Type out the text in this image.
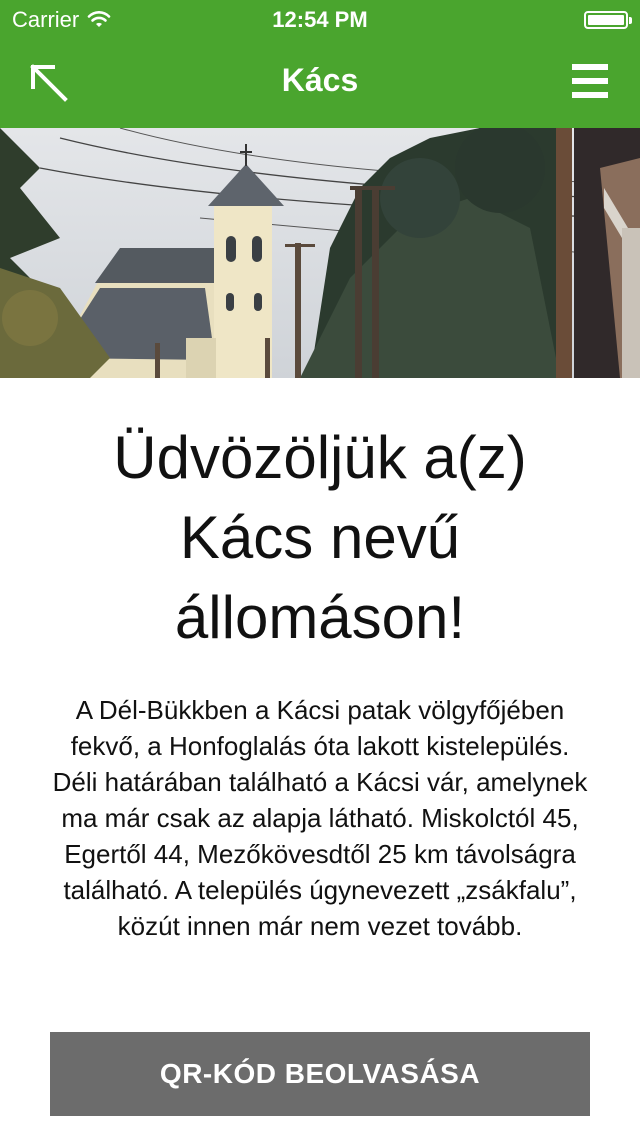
Carrier	12:54 PM
Kács
Üdvözöljük a(z) Kács nevű állomáson!
A Dél-Bükkben a Kácsi patak völgyfőjében fekvő, a Honfoglalás óta lakott kistelepülés. Déli határában található a Kácsi vár, amelynek ma már csak az alapja látható. Miskolctól 45, Egertől 44, Mezőkövesdtől 25 km távolságra található. A település úgynevezett „zsákfalu”, közút innen már nem vezet tovább.

QR-KÓD BEOLVASÁSA
